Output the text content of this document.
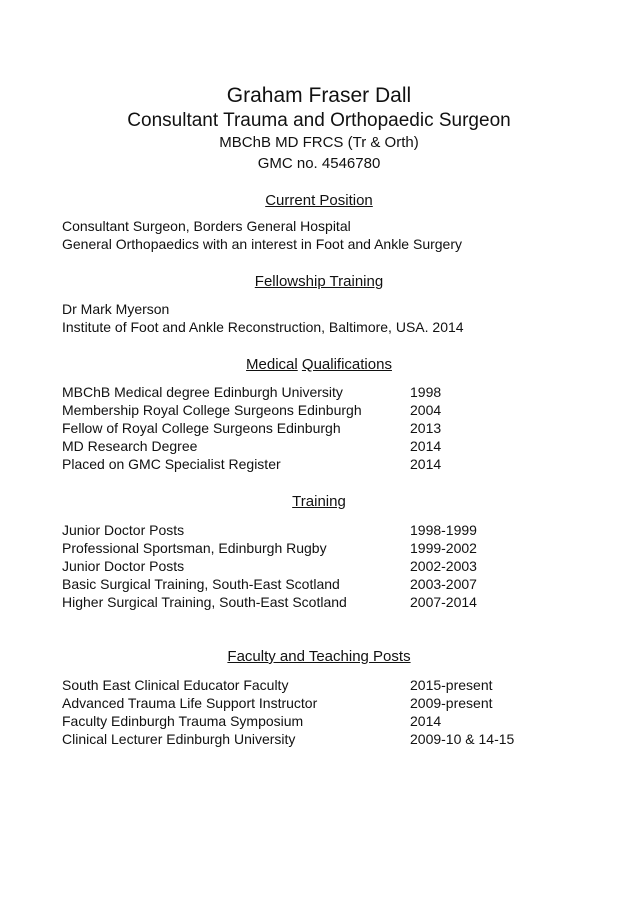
Graham Fraser Dall
Consultant Trauma and Orthopaedic Surgeon
MBChB MD FRCS (Tr & Orth)
GMC no. 4546780
Current Position
Consultant Surgeon, Borders General Hospital
General Orthopaedics with an interest in Foot and Ankle Surgery
Fellowship Training
Dr Mark Myerson
Institute of Foot and Ankle Reconstruction, Baltimore, USA. 2014
Medical Qualifications
MBChB Medical degree Edinburgh University	1998
Membership Royal College Surgeons Edinburgh	2004
Fellow of Royal College Surgeons Edinburgh	2013
MD Research Degree	2014
Placed on GMC Specialist Register	2014
Training
Junior Doctor Posts	1998-1999
Professional Sportsman, Edinburgh Rugby	1999-2002
Junior Doctor Posts	2002-2003
Basic Surgical Training, South-East Scotland	2003-2007
Higher Surgical Training, South-East Scotland	2007-2014
Faculty and Teaching Posts
South East Clinical Educator Faculty	2015-present
Advanced Trauma Life Support Instructor	2009-present
Faculty Edinburgh Trauma Symposium	2014
Clinical Lecturer Edinburgh University	2009-10 & 14-15
